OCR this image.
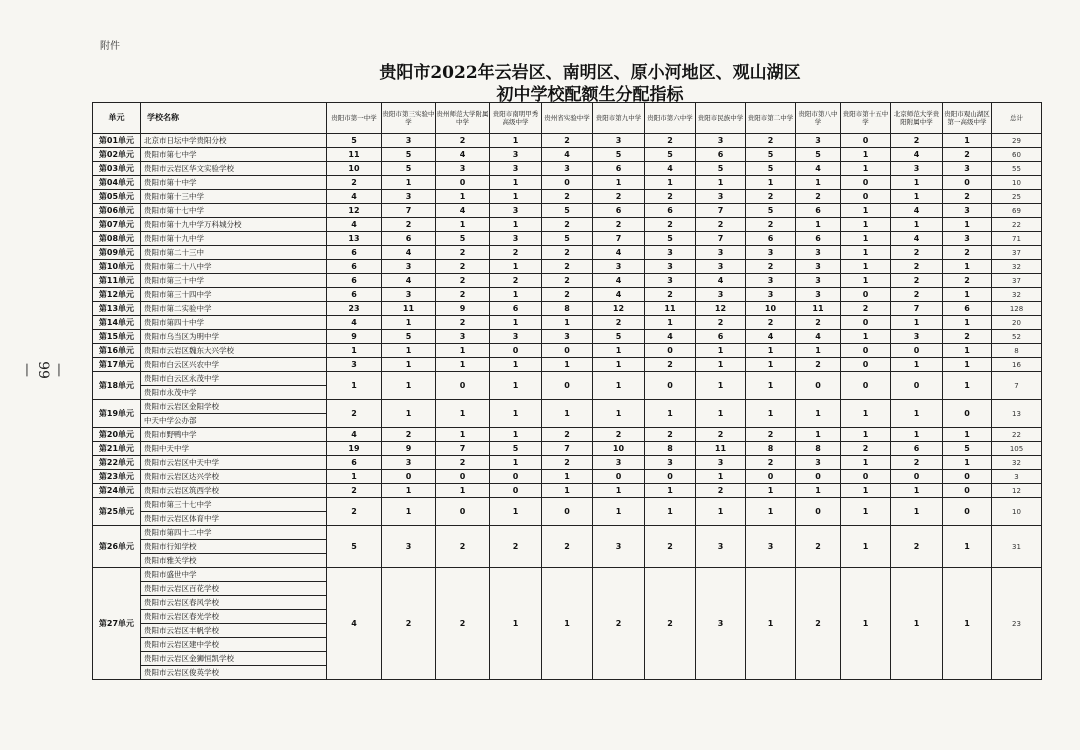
附件
— 99 —
贵阳市2022年云岩区、南明区、原小河地区、观山湖区
初中学校配额生分配指标
单元	学校名称	贵阳市第一中学	贵阳市第三实验中学	贵州师范大学附属中学	贵阳市南明甲秀高级中学	贵州省实验中学	贵阳市第九中学	贵阳市第六中学	贵阳市民族中学	贵阳市第二中学	贵阳市第八中学	贵阳市第十五中学	北京师范大学贵阳附属中学	贵阳市观山湖区第一高级中学	总计
第01单元	北京市日坛中学贵阳分校	5	3	2	1	2	3	2	3	2	3	0	2	1	29
第02单元	贵阳市第七中学	11	5	4	3	4	5	5	6	5	5	1	4	2	60
第03单元	贵阳市云岩区华文实验学校	10	5	3	3	3	6	4	5	5	4	1	3	3	55
第04单元	贵阳市第十中学	2	1	0	1	0	1	1	1	1	1	0	1	0	10
第05单元	贵阳市第十三中学	4	3	1	1	2	2	2	3	2	2	0	1	2	25
第06单元	贵阳市第十七中学	12	7	4	3	5	6	6	7	5	6	1	4	3	69
第07单元	贵阳市第十九中学万科城分校	4	2	1	1	2	2	2	2	2	1	1	1	1	22
第08单元	贵阳市第十九中学	13	6	5	3	5	7	5	7	6	6	1	4	3	71
第09单元	贵阳市第二十三中	6	4	2	2	2	4	3	3	3	3	1	2	2	37
第10单元	贵阳市第二十八中学	6	3	2	1	2	3	3	3	2	3	1	2	1	32
第11单元	贵阳市第三十中学	6	4	2	2	2	4	3	4	3	3	1	2	2	37
第12单元	贵阳市第三十四中学	6	3	2	1	2	4	2	3	3	3	0	2	1	32
第13单元	贵阳市第二实验中学	23	11	9	6	8	12	11	12	10	11	2	7	6	128
第14单元	贵阳市第四十中学	4	1	2	1	1	2	1	2	2	2	0	1	1	20
第15单元	贵阳市乌当区为明中学	9	5	3	3	3	5	4	6	4	4	1	3	2	52
第16单元	贵阳市云岩区魏东大兴学校	1	1	1	0	0	1	0	1	1	1	0	0	1	8
第17单元	贵阳市白云区兴农中学	3	1	1	1	1	1	2	1	1	2	0	1	1	16
第18单元	贵阳市白云区永茂中学	1	1	0	1	0	1	0	1	1	0	0	0	1	7
	贵阳市永茂中学														
第19单元	贵阳市云岩区金阳学校	2	1	1	1	1	1	1	1	1	1	1	1	0	13
	中天中学公办部														
第20单元	贵阳市野鸭中学	4	2	1	1	2	2	2	2	2	1	1	1	1	22
第21单元	贵阳中天中学	19	9	7	5	7	10	8	11	8	8	2	6	5	105
第22单元	贵阳市云岩区中天中学	6	3	2	1	2	3	3	3	2	3	1	2	1	32
第23单元	贵阳市云岩区达兴学校	1	0	0	0	1	0	0	1	0	0	0	0	0	3
第24单元	贵阳市云岩区筑西学校	2	1	1	0	1	1	1	2	1	1	1	1	0	12
第25单元	贵阳市第三十七中学	2	1	0	1	0	1	1	1	1	0	1	1	0	10
	贵阳市云岩区体育中学														
第26单元	贵阳市第四十二中学	5	3	2	2	2	3	2	3	3	2	1	2	1	31
	贵阳市行知学校														
	贵阳市雅关学校														
第27单元	贵阳市盛世中学	4	2	2	1	1	2	2	3	1	2	1	1	1	23
	贵阳市云岩区百花学校														
	贵阳市云岩区春风学校														
	贵阳市云岩区春光学校														
	贵阳市云岩区丰帆学校														
	贵阳市云岩区建中学校														
	贵阳市云岩区金狮恒凯学校														
	贵阳市云岩区俊英学校														
